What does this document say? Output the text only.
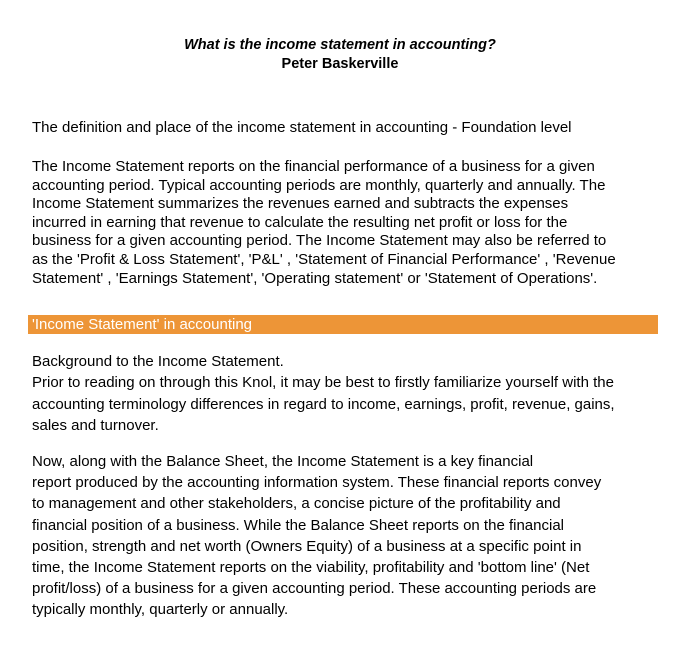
What is the income statement in accounting?
Peter Baskerville
The definition and place of the income statement in accounting - Foundation level
The Income Statement reports on the financial performance of a business for a given
accounting period. Typical accounting periods are monthly, quarterly and annually. The
Income Statement summarizes the revenues earned and subtracts the expenses
incurred in earning that revenue to calculate the resulting net profit or loss for the
business for a given accounting period. The Income Statement may also be referred to
as the 'Profit & Loss Statement', 'P&L' , 'Statement of Financial Performance' , 'Revenue
Statement' , 'Earnings Statement', 'Operating statement' or 'Statement of Operations'.
'Income Statement' in accounting
Background to the Income Statement.
Prior to reading on through this Knol, it may be best to firstly familiarize yourself with the
accounting terminology differences in regard to income, earnings, profit, revenue, gains,
sales and turnover.
Now, along with the Balance Sheet, the Income Statement is a key financial
report produced by the accounting information system. These financial reports convey
to management and other stakeholders, a concise picture of the profitability and
financial position of a business. While the Balance Sheet reports on the financial
position, strength and net worth (Owners Equity) of a business at a specific point in
time, the Income Statement reports on the viability, profitability and 'bottom line' (Net
profit/loss) of a business for a given accounting period. These accounting periods are
typically monthly, quarterly or annually.
